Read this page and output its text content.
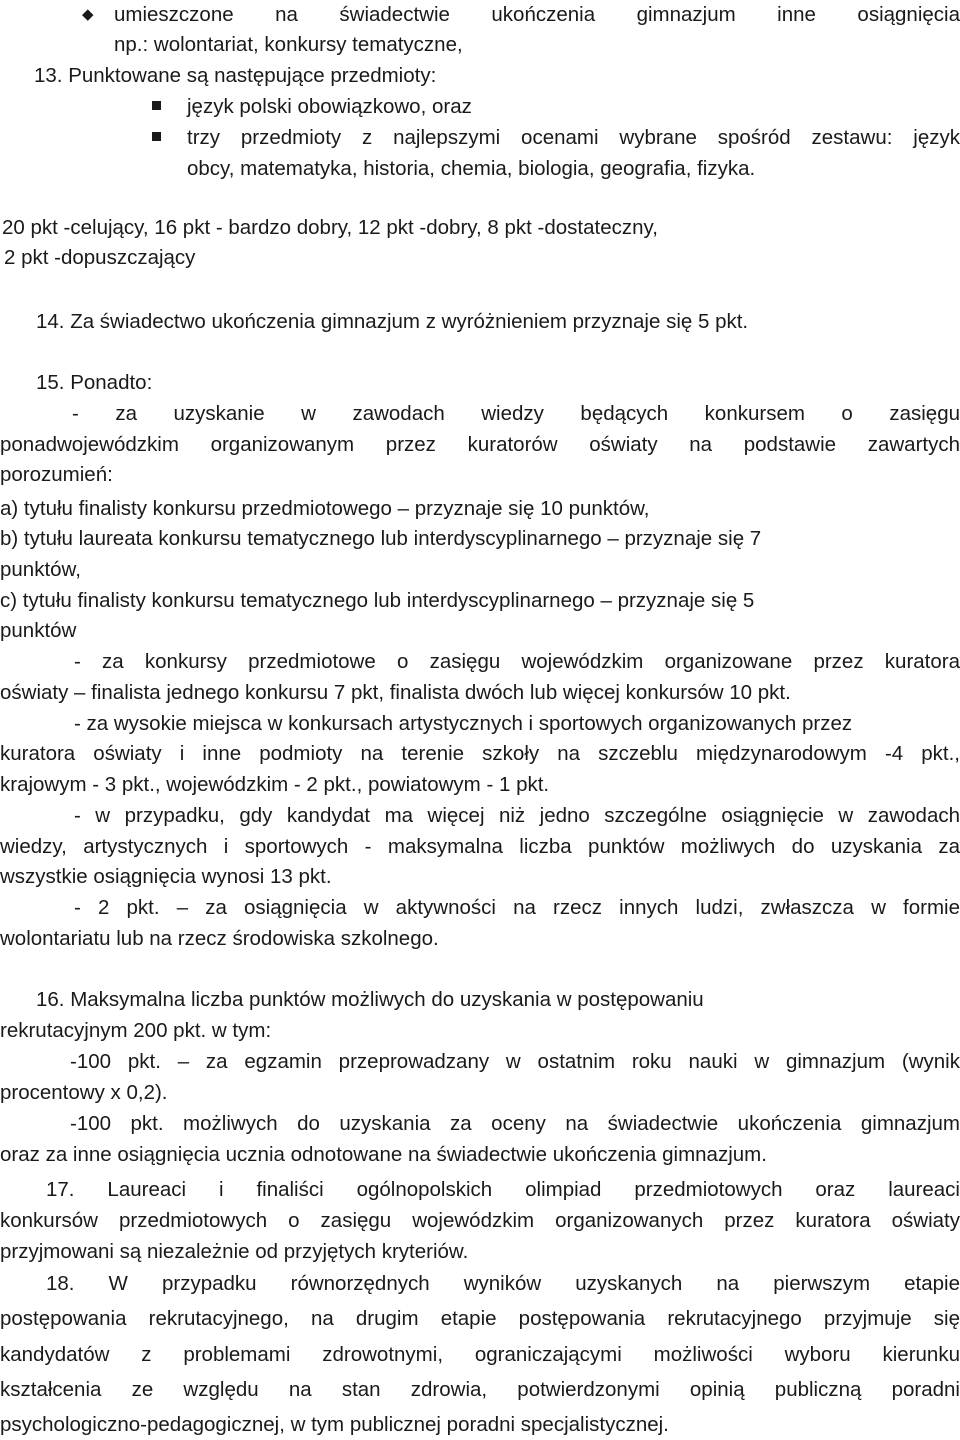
◆ umieszczone na świadectwie ukończenia gimnazjum inne osiągnięcia
np.: wolontariat, konkursy tematyczne,
13. Punktowane są następujące przedmioty:
język polski obowiązkowo, oraz
trzy przedmioty z najlepszymi ocenami wybrane spośród zestawu: język
obcy, matematyka, historia, chemia, biologia, geografia, fizyka.
20 pkt -celujący, 16 pkt - bardzo dobry, 12 pkt -dobry, 8 pkt -dostateczny,
2 pkt -dopuszczający
14. Za świadectwo ukończenia gimnazjum z wyróżnieniem przyznaje się 5 pkt.
15. Ponadto:
- za uzyskanie w zawodach wiedzy będących konkursem o zasięgu
ponadwojewódzkim organizowanym przez kuratorów oświaty na podstawie zawartych
porozumień:
a) tytułu finalisty konkursu przedmiotowego – przyznaje się 10 punktów,
b) tytułu laureata konkursu tematycznego lub interdyscyplinarnego – przyznaje się 7
punktów,
c) tytułu finalisty konkursu tematycznego lub interdyscyplinarnego – przyznaje się 5
punktów
- za konkursy przedmiotowe o zasięgu wojewódzkim organizowane przez kuratora
oświaty – finalista jednego konkursu 7 pkt, finalista dwóch lub więcej konkursów 10 pkt.
- za wysokie miejsca w konkursach artystycznych i sportowych organizowanych przez
kuratora oświaty i inne podmioty na terenie szkoły na szczeblu międzynarodowym -4 pkt.,
krajowym - 3 pkt., wojewódzkim - 2 pkt., powiatowym - 1 pkt.
- w przypadku, gdy kandydat ma więcej niż jedno szczególne osiągnięcie w zawodach
wiedzy, artystycznych i sportowych - maksymalna liczba punktów możliwych do uzyskania za
wszystkie osiągnięcia wynosi 13 pkt.
- 2 pkt. – za osiągnięcia w aktywności na rzecz innych ludzi, zwłaszcza w formie
wolontariatu lub na rzecz środowiska szkolnego.
16. Maksymalna liczba punktów możliwych do uzyskania w postępowaniu
rekrutacyjnym 200 pkt. w tym:
-100 pkt. – za egzamin przeprowadzany w ostatnim roku nauki w gimnazjum (wynik
procentowy x 0,2).
-100 pkt. możliwych do uzyskania za oceny na świadectwie ukończenia gimnazjum
oraz za inne osiągnięcia ucznia odnotowane na świadectwie ukończenia gimnazjum.
17. Laureaci i finaliści ogólnopolskich olimpiad przedmiotowych oraz laureaci
konkursów przedmiotowych o zasięgu wojewódzkim organizowanych przez kuratora oświaty
przyjmowani są niezależnie od przyjętych kryteriów.
18. W przypadku równorzędnych wyników uzyskanych na pierwszym etapie
postępowania rekrutacyjnego, na drugim etapie postępowania rekrutacyjnego przyjmuje się
kandydatów z problemami zdrowotnymi, ograniczającymi możliwości wyboru kierunku
kształcenia ze względu na stan zdrowia, potwierdzonymi opinią publiczną poradni
psychologiczno-pedagogicznej, w tym publicznej poradni specjalistycznej.
